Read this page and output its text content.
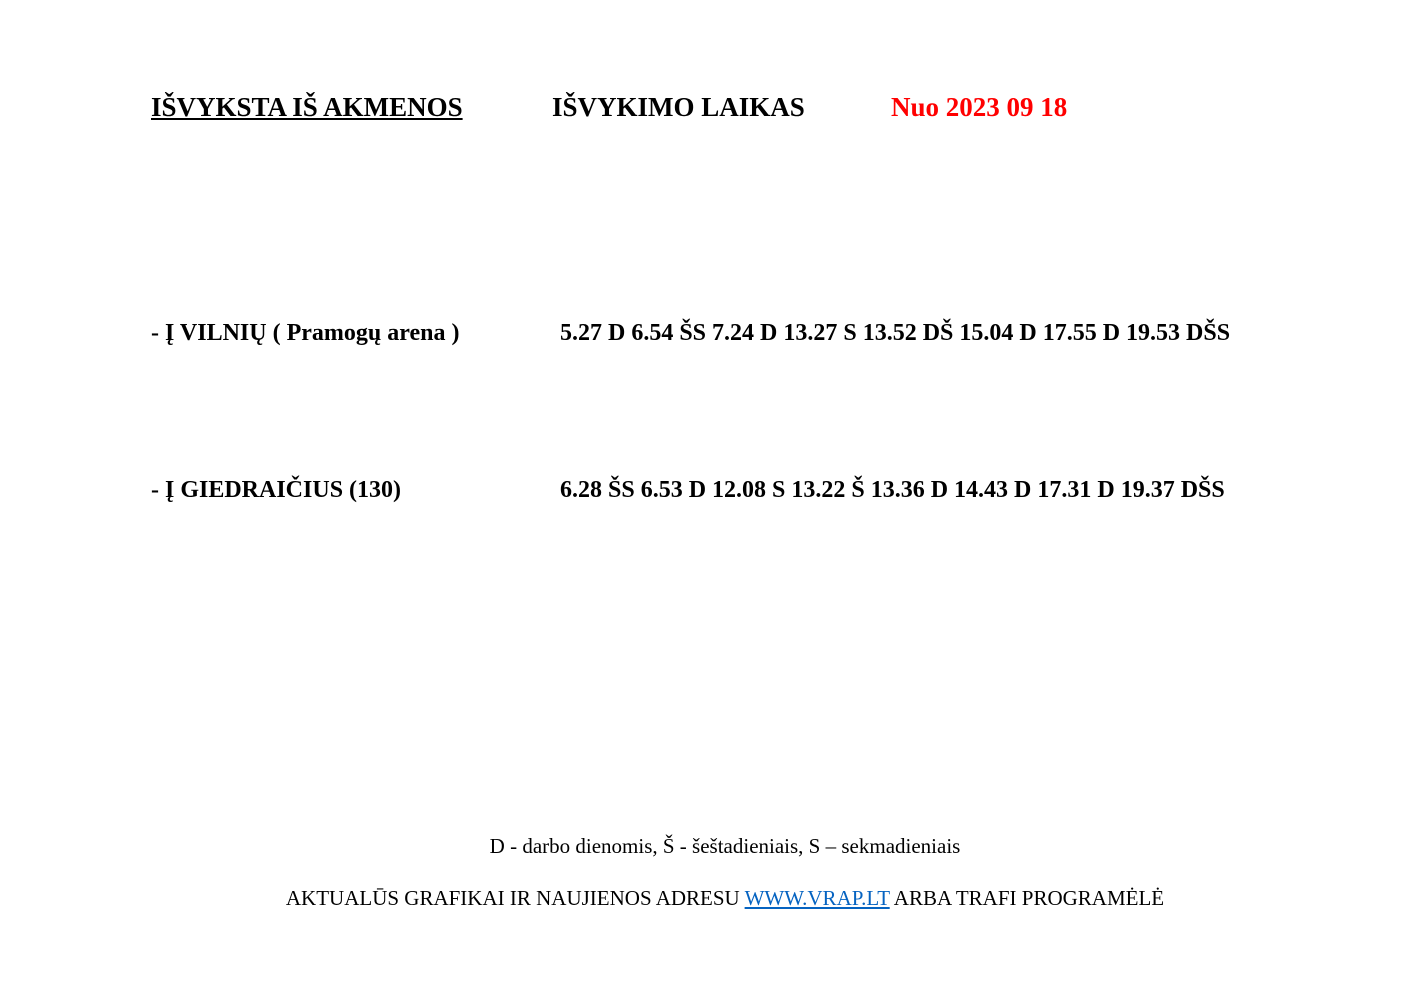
IŠVYKSTA IŠ AKMENOS	IŠVYKIMO LAIKAS	Nuo 2023 09 18
- Į VILNIŲ ( Pramogų arena )	5.27 D 6.54 ŠS 7.24 D 13.27 S 13.52 DŠ 15.04 D 17.55 D 19.53 DŠS
- Į GIEDRAIČIUS (130)	6.28 ŠS 6.53 D 12.08 S 13.22 Š 13.36 D 14.43 D 17.31 D 19.37 DŠS
D - darbo dienomis, Š - šeštadieniais, S – sekmadieniais
AKTUALŪS GRAFIKAI IR NAUJIENOS ADRESU WWW.VRAP.LT ARBA TRAFI PROGRAMĖLĖ
